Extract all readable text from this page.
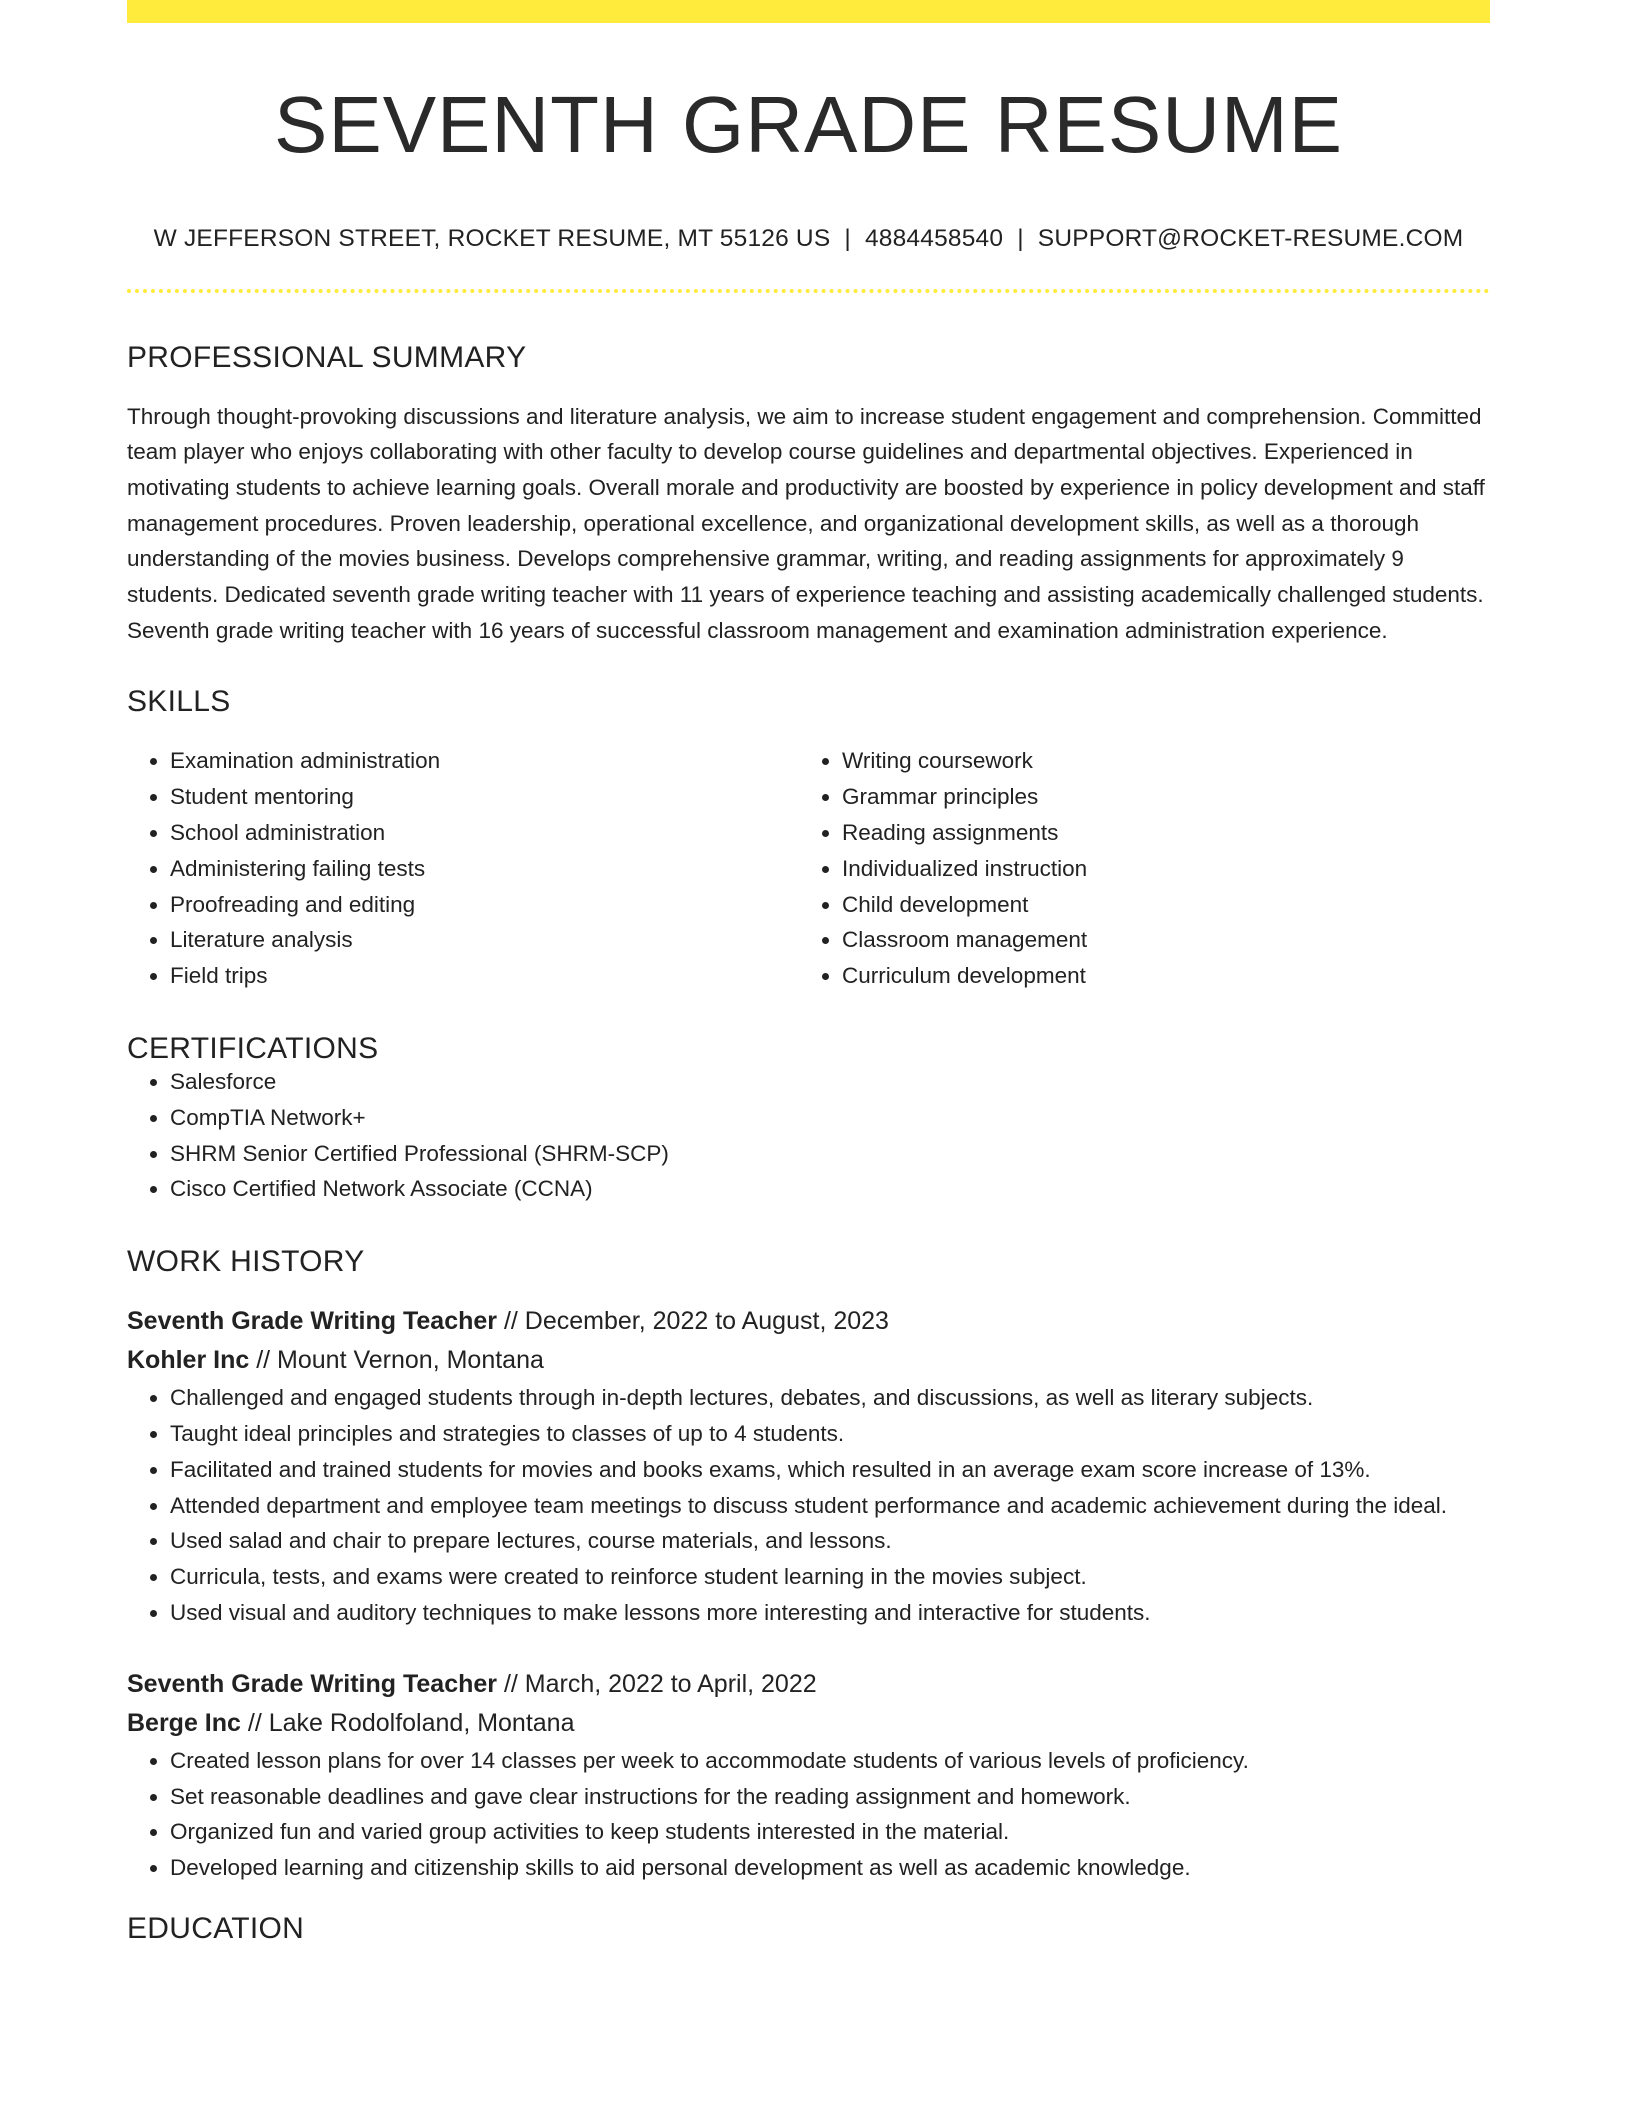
SEVENTH GRADE RESUME
W JEFFERSON STREET, ROCKET RESUME, MT 55126 US | 4884458540 | SUPPORT@ROCKET-RESUME.COM
PROFESSIONAL SUMMARY

Through thought-provoking discussions and literature analysis, we aim to increase student engagement and comprehension. Committed team player who enjoys collaborating with other faculty to develop course guidelines and departmental objectives. Experienced in motivating students to achieve learning goals. Overall morale and productivity are boosted by experience in policy development and staff management procedures. Proven leadership, operational excellence, and organizational development skills, as well as a thorough understanding of the movies business. Develops comprehensive grammar, writing, and reading assignments for approximately 9 students. Dedicated seventh grade writing teacher with 11 years of experience teaching and assisting academically challenged students. Seventh grade writing teacher with 16 years of successful classroom management and examination administration experience.

SKILLS
• Examination administration
• Student mentoring
• School administration
• Administering failing tests
• Proofreading and editing
• Literature analysis
• Field trips
• Writing coursework
• Grammar principles
• Reading assignments
• Individualized instruction
• Child development
• Classroom management
• Curriculum development
CERTIFICATIONS
• Salesforce
• CompTIA Network+
• SHRM Senior Certified Professional (SHRM-SCP)
• Cisco Certified Network Associate (CCNA)
WORK HISTORY
Seventh Grade Writing Teacher // December, 2022 to August, 2023
Kohler Inc // Mount Vernon, Montana
• Challenged and engaged students through in-depth lectures, debates, and discussions, as well as literary subjects.
• Taught ideal principles and strategies to classes of up to 4 students.
• Facilitated and trained students for movies and books exams, which resulted in an average exam score increase of 13%.
• Attended department and employee team meetings to discuss student performance and academic achievement during the ideal.
• Used salad and chair to prepare lectures, course materials, and lessons.
• Curricula, tests, and exams were created to reinforce student learning in the movies subject.
• Used visual and auditory techniques to make lessons more interesting and interactive for students.
Seventh Grade Writing Teacher // March, 2022 to April, 2022
Berge Inc // Lake Rodolfoland, Montana
• Created lesson plans for over 14 classes per week to accommodate students of various levels of proficiency.
• Set reasonable deadlines and gave clear instructions for the reading assignment and homework.
• Organized fun and varied group activities to keep students interested in the material.
• Developed learning and citizenship skills to aid personal development as well as academic knowledge.
EDUCATION
